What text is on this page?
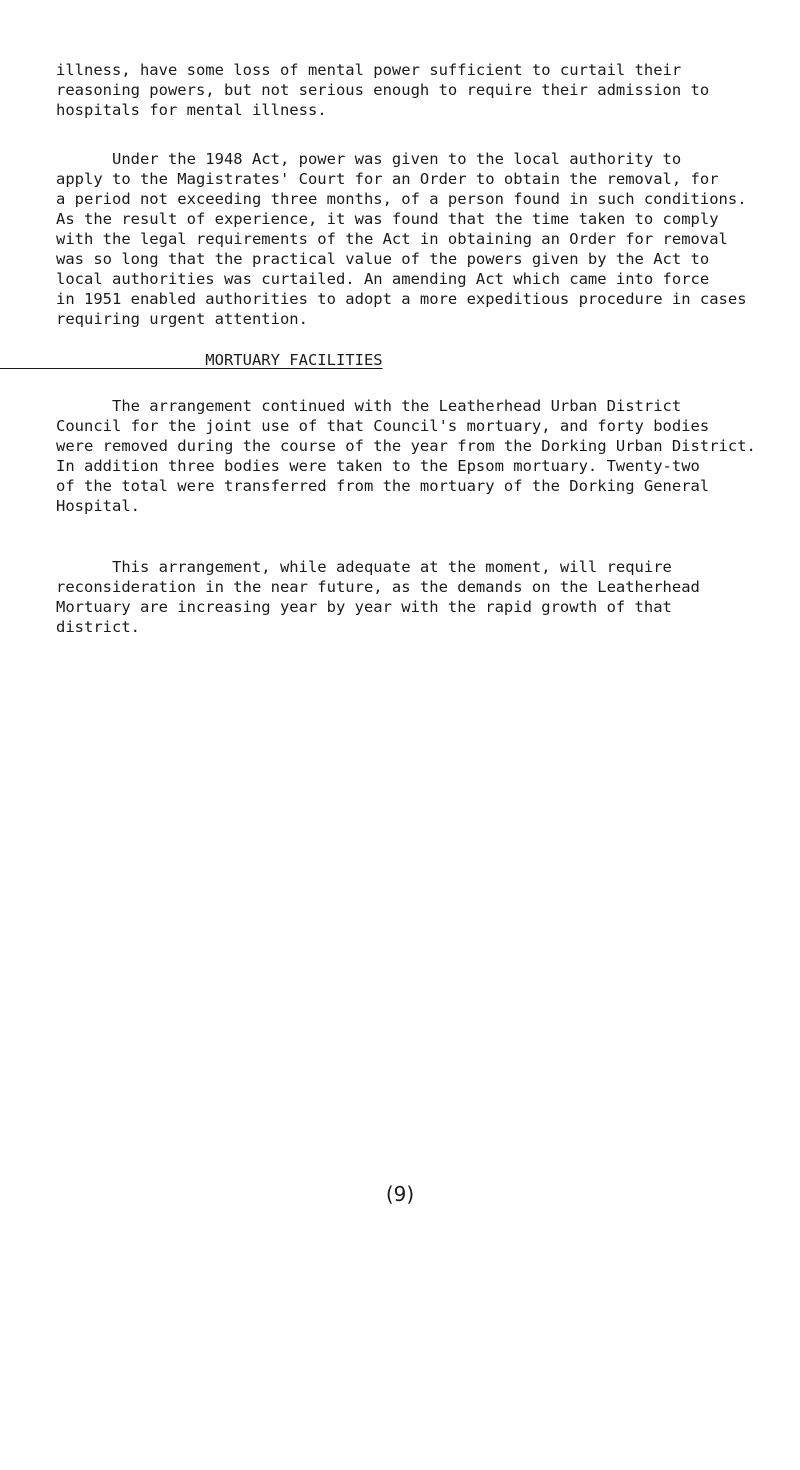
illness, have some loss of mental power sufficient to curtail their
reasoning powers, but not serious enough to require their admission to
hospitals for mental illness.
Under the 1948 Act, power was given to the local authority to
apply to the Magistrates' Court for an Order to obtain the removal, for
a period not exceeding three months, of a person found in such conditions.
As the result of experience, it was found that the time taken to comply
with the legal requirements of the Act in obtaining an Order for removal
was so long that the practical value of the powers given by the Act to
local authorities was curtailed. An amending Act which came into force
in 1951 enabled authorities to adopt a more expeditious procedure in cases
requiring urgent attention.
MORTUARY FACILITIES
The arrangement continued with the Leatherhead Urban District
Council for the joint use of that Council's mortuary, and forty bodies
were removed during the course of the year from the Dorking Urban District.
In addition three bodies were taken to the Epsom mortuary. Twenty-two
of the total were transferred from the mortuary of the Dorking General
Hospital.
This arrangement, while adequate at the moment, will require
reconsideration in the near future, as the demands on the Leatherhead
Mortuary are increasing year by year with the rapid growth of that
district.
(9)
